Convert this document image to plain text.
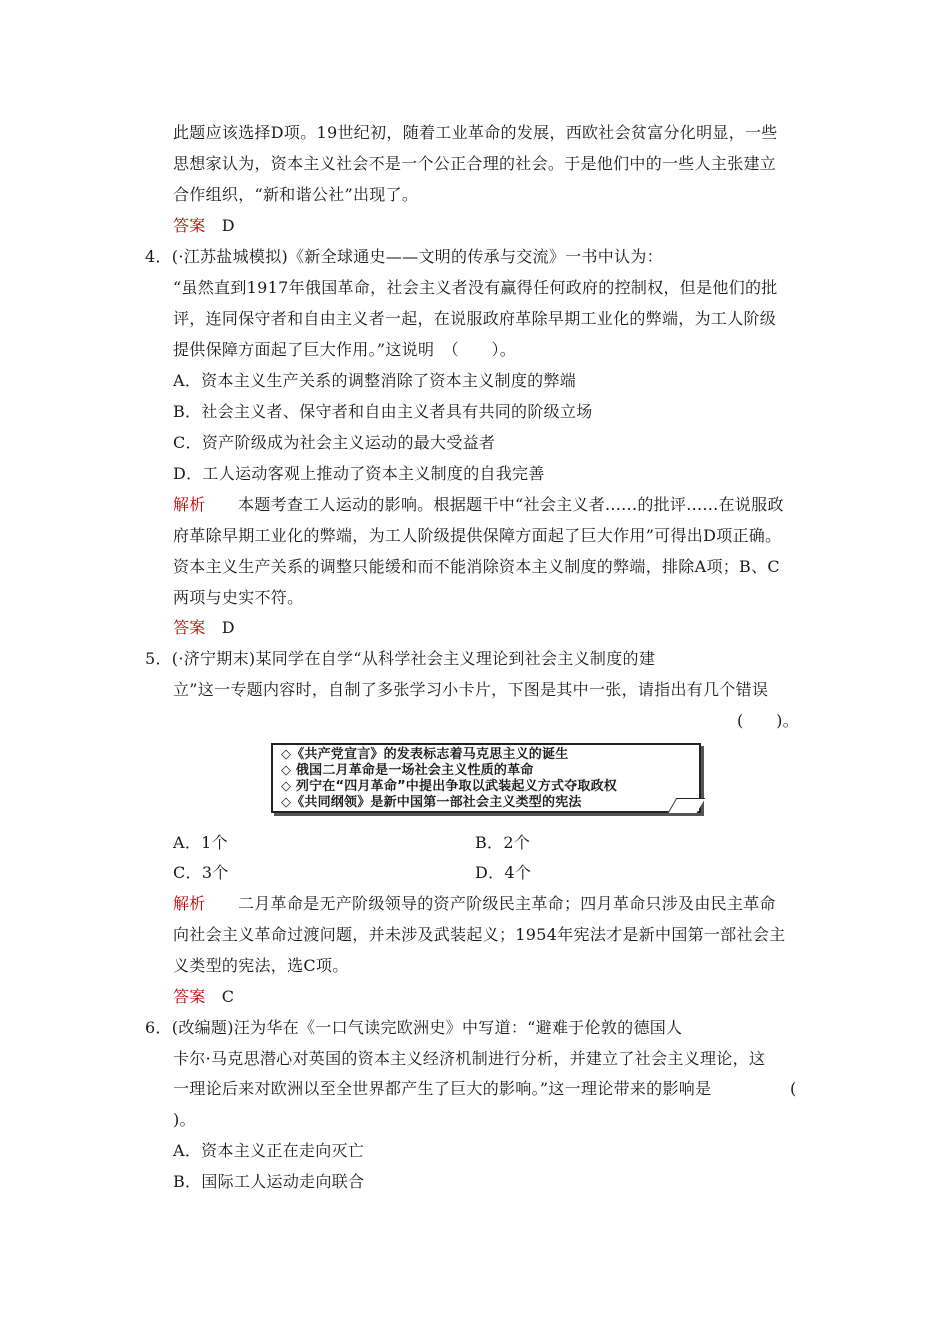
此题应该选择D项。19世纪初，随着工业革命的发展，西欧社会贫富分化明显，一些
思想家认为，资本主义社会不是一个公正合理的社会。于是他们中的一些人主张建立
合作组织，“新和谐公社”出现了。
答案 D
4．(·江苏盐城模拟)《新全球通史——文明的传承与交流》一书中认为：
“虽然直到1917年俄国革命，社会主义者没有赢得任何政府的控制权，但是他们的批
评，连同保守者和自由主义者一起，在说服政府革除早期工业化的弊端，为工人阶级
提供保障方面起了巨大作用。”这说明　（　　）。
A．资本主义生产关系的调整消除了资本主义制度的弊端
B．社会主义者、保守者和自由主义者具有共同的阶级立场
C．资产阶级成为社会主义运动的最大受益者
D．工人运动客观上推动了资本主义制度的自我完善
解析 本题考查工人运动的影响。根据题干中“社会主义者......的批评......在说服政
府革除早期工业化的弊端，为工人阶级提供保障方面起了巨大作用”可得出D项正确。
资本主义生产关系的调整只能缓和而不能消除资本主义制度的弊端，排除A项；B、C
两项与史实不符。
答案 D
5．(·济宁期末)某同学在自学“从科学社会主义理论到社会主义制度的建
立”这一专题内容时，自制了多张学习小卡片，下图是其中一张，请指出有几个错误
(　　)。
◇《共产党宣言》的发表标志着马克思主义的诞生
◇ 俄国二月革命是一场社会主义性质的革命
◇ 列宁在“四月革命”中提出争取以武装起义方式夺取政权
◇《共同纲领》是新中国第一部社会主义类型的宪法
A．1个	B．2个
C．3个	D．4个
解析 二月革命是无产阶级领导的资产阶级民主革命；四月革命只涉及由民主革命
向社会主义革命过渡问题，并未涉及武装起义；1954年宪法才是新中国第一部社会主
义类型的宪法，选C项。
答案 C
6．(改编题)汪为华在《一口气读完欧洲史》中写道：“避难于伦敦的德国人
卡尔·马克思潜心对英国的资本主义经济机制进行分析，并建立了社会主义理论，这
一理论后来对欧洲以至全世界都产生了巨大的影响。”这一理论带来的影响是	(
)。
A．资本主义正在走向灭亡
B．国际工人运动走向联合
